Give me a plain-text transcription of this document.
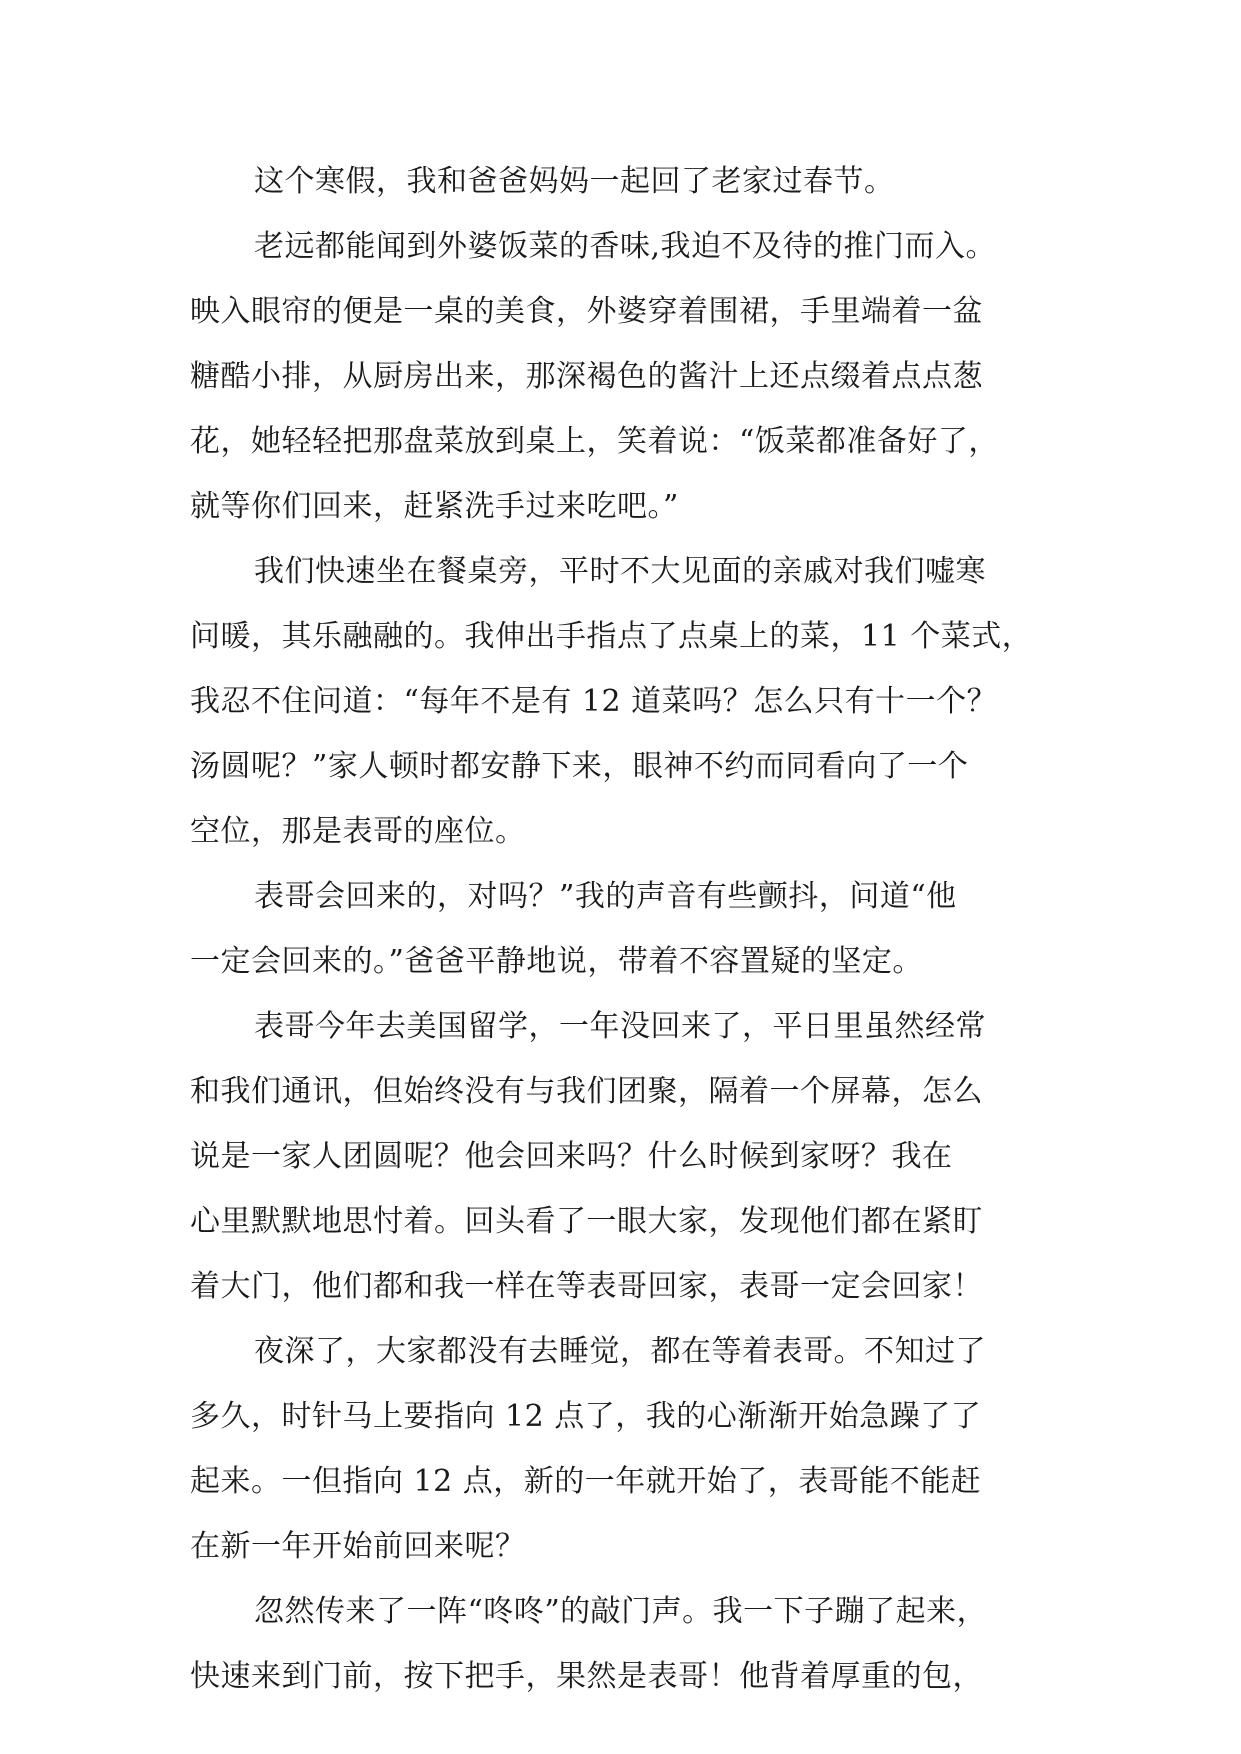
这个寒假，我和爸爸妈妈一起回了老家过春节。
老远都能闻到外婆饭菜的香味,我迫不及待的推门而入。
映入眼帘的便是一桌的美食，外婆穿着围裙，手里端着一盆
糖酷小排，从厨房出来，那深褐色的酱汁上还点缀着点点葱
花，她轻轻把那盘菜放到桌上，笑着说：“饭菜都准备好了，
就等你们回来，赶紧洗手过来吃吧。”
我们快速坐在餐桌旁，平时不大见面的亲戚对我们嘘寒
问暖，其乐融融的。我伸出手指点了点桌上的菜，11 个菜式，
我忍不住问道：“每年不是有 12 道菜吗？怎么只有十一个？
汤圆呢？”家人顿时都安静下来，眼神不约而同看向了一个
空位，那是表哥的座位。
表哥会回来的，对吗？”我的声音有些颤抖，问道“他
一定会回来的。”爸爸平静地说，带着不容置疑的坚定。
表哥今年去美国留学，一年没回来了，平日里虽然经常
和我们通讯，但始终没有与我们团聚，隔着一个屏幕，怎么
说是一家人团圆呢？他会回来吗？什么时候到家呀？我在
心里默默地思忖着。回头看了一眼大家，发现他们都在紧盯
着大门，他们都和我一样在等表哥回家，表哥一定会回家！
夜深了，大家都没有去睡觉，都在等着表哥。不知过了
多久，时针马上要指向 12 点了，我的心渐渐开始急躁了了
起来。一但指向 12 点，新的一年就开始了，表哥能不能赶
在新一年开始前回来呢？
忽然传来了一阵“咚咚”的敲门声。我一下子蹦了起来，
快速来到门前，按下把手，果然是表哥！他背着厚重的包，
